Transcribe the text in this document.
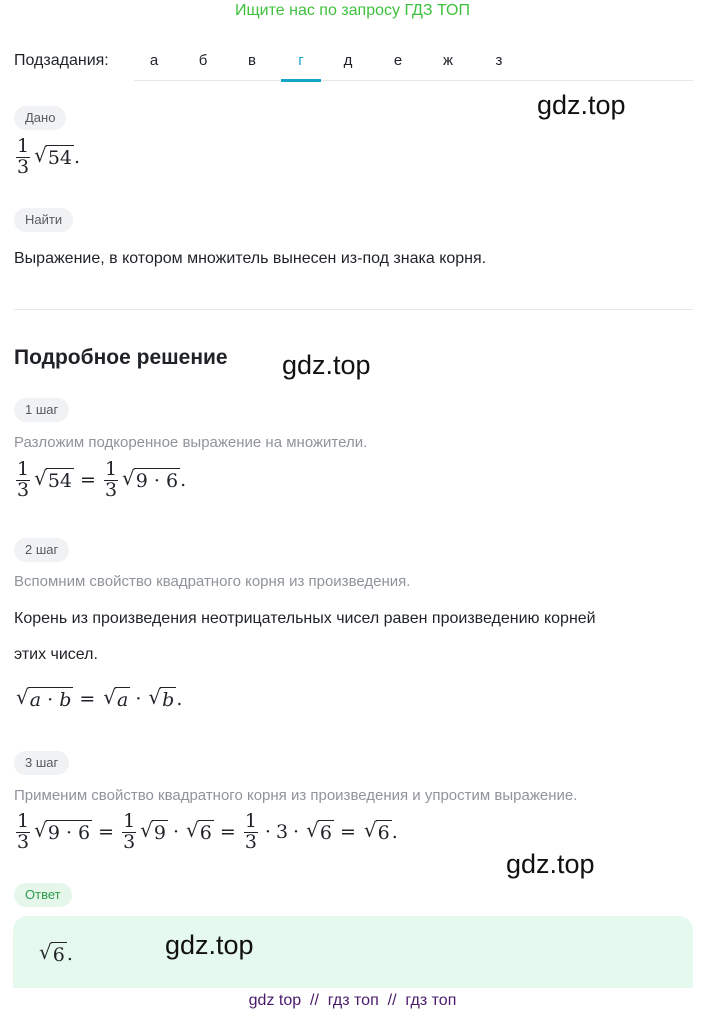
Ищите нас по запросу ГДЗ ТОП
Подзадания:	а	б	в	г	д	е	ж	з
Дано
$\frac{1}{3}$ √ 54 .
Найти
Выражение, в котором множитель вынесен из-под знака корня.
Подробное решение
1 шаг
Разложим подкоренное выражение на множители.
$\frac{1}{3}$ √ $54 = \frac{1}{3}$ √ 9 · 6 .
2 шаг
Вспомним свойство квадратного корня из произведения.
Корень из произведения неотрицательных чисел равен произведению корней
этих чисел.
√ a · b = √ a · √ b .
3 шаг
Применим свойство квадратного корня из произведения и упростим выражение.
$\frac{1}{3}$ √ $9 \cdot 6 = \frac{1}{3}$ √ 9 · √ $6 = \frac{1}{3} \cdot 3$ · √ 6 = √ 6 .
Ответ
√ 6 .
gdz.top
gdz.top
gdz.top
gdz.top
gdz top  //  гдз топ  //  гдз топ
